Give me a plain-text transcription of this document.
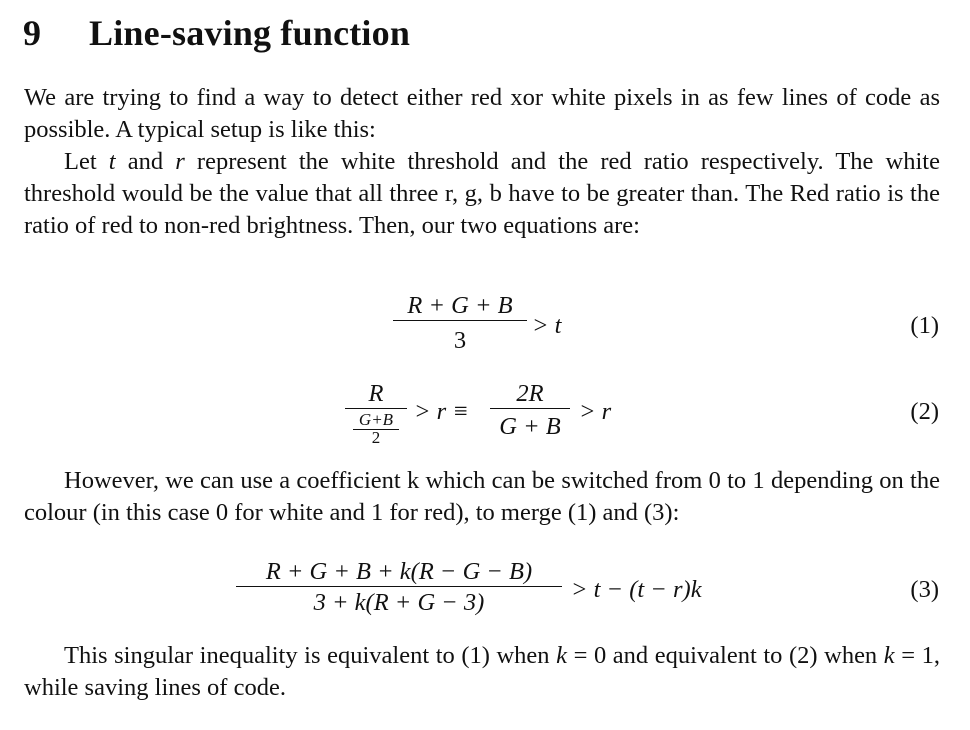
9 Line-saving function
We are trying to find a way to detect either red xor white pixels in as few lines of code as possible. A typical setup is like this:
Let t and r represent the white threshold and the red ratio respectively. The white threshold would be the value that all three r, g, b have to be greater than. The Red ratio is the ratio of red to non-red brightness. Then, our two equations are:
R + G + B
3
> t	(1)
R
G+B
2
> r ≡
2R
G + B
> r	(2)
However, we can use a coefficient k which can be switched from 0 to 1 depending on the colour (in this case 0 for white and 1 for red), to merge (1) and (3):
R + G + B + k(R − G − B)
3 + k(R + G − 3)	> t − (t − r)k	(3)
This singular inequality is equivalent to (1) when k = 0 and equivalent to (2) when k = 1, while saving lines of code.
